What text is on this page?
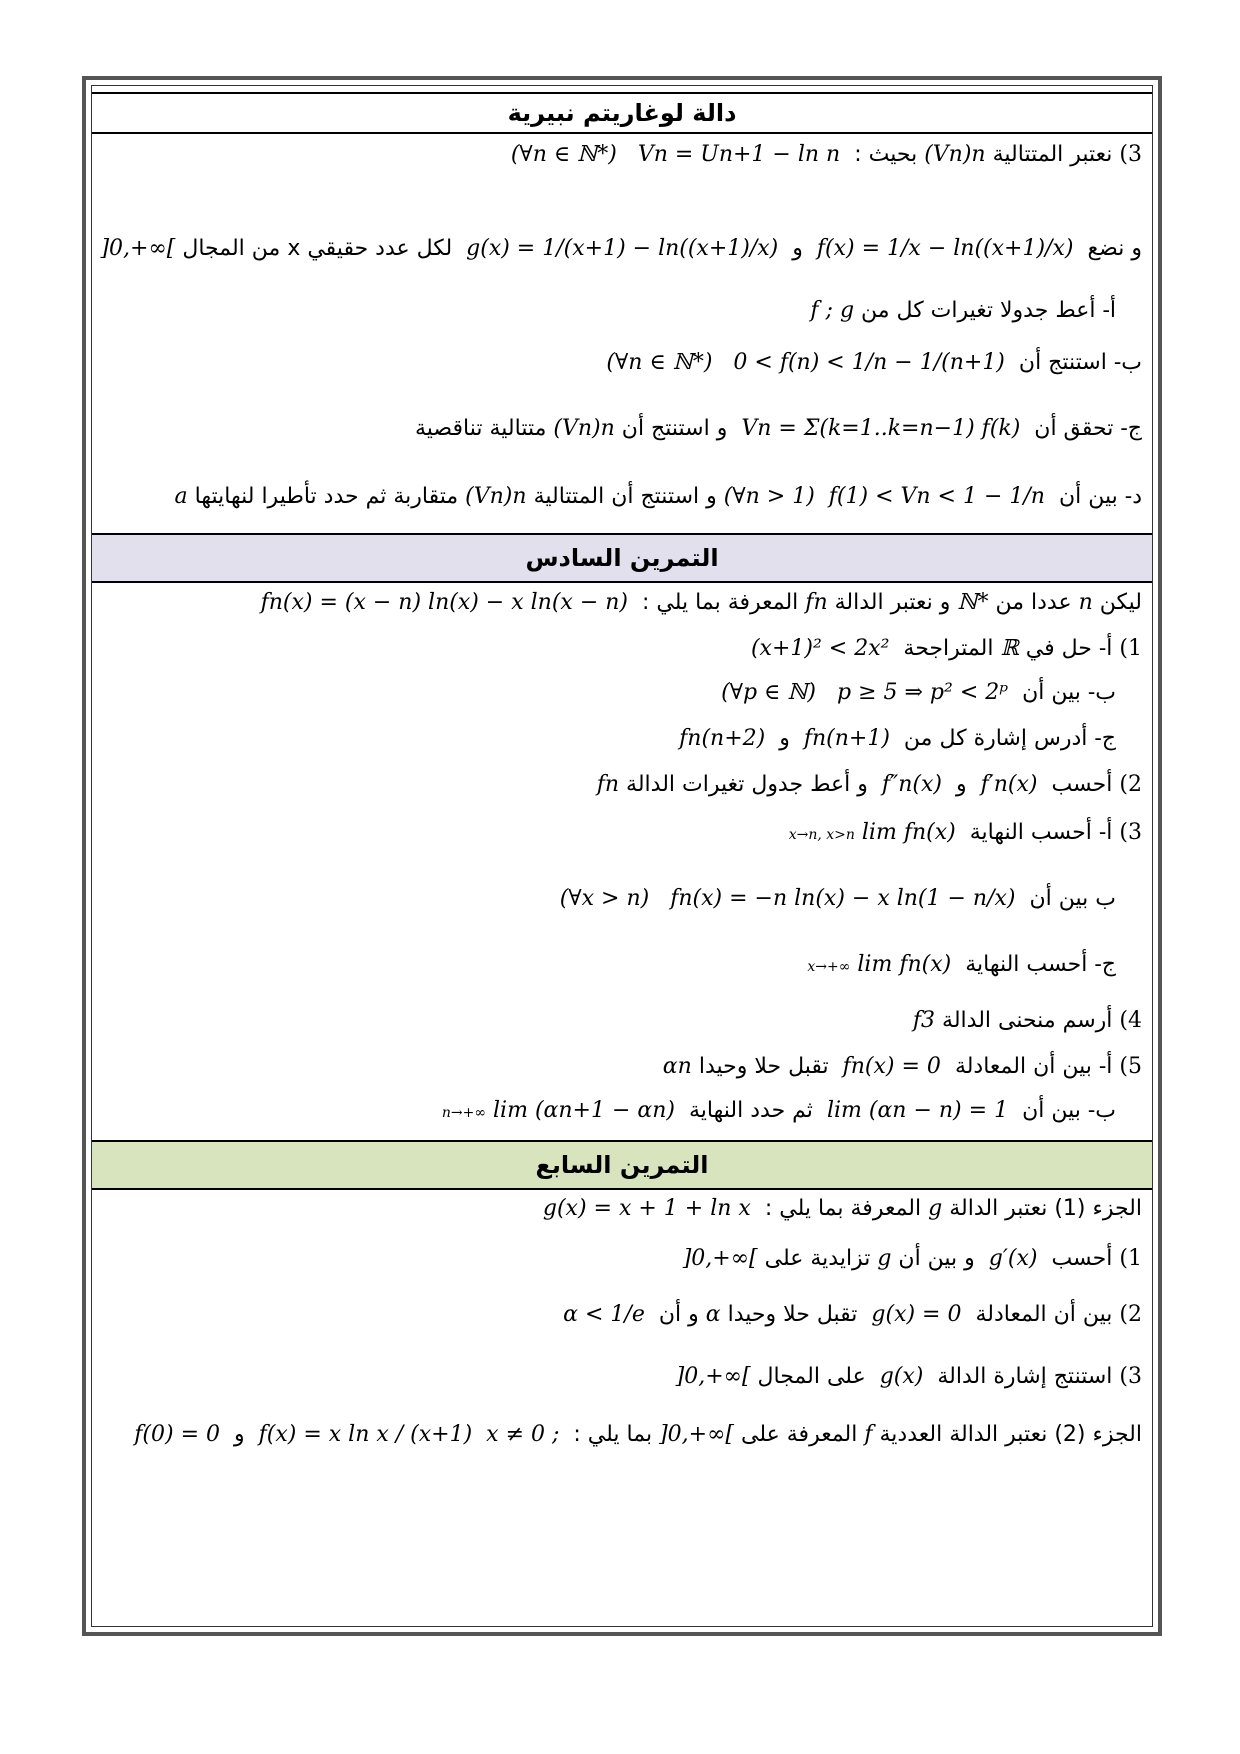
دالة لوغاريتم نبيرية
3) نعتبر المتتالية (Vn)n بحيث :  Vn = Un+1 − ln n   (∀n ∈ ℕ*)
و نضع  f(x) = 1/x − ln((x+1)/x)  و  g(x) = 1/(x+1) − ln((x+1)/x)  لكل عدد حقيقي x من المجال ]0,+∞[
أ- أعط جدولا تغيرات كل من f ; g
ب- استنتج أن  0 < f(n) < 1/n − 1/(n+1)   (∀n ∈ ℕ*)
ج- تحقق أن  Vn = Σ(k=1..k=n−1) f(k)  و استنتج أن (Vn)n متتالية تناقصية
د- بين أن  f(1) < Vn < 1 − 1/n  (∀n > 1) و استنتج أن المتتالية (Vn)n متقاربة ثم حدد تأطيرا لنهايتها a
التمرين السادس
ليكن n عددا من ℕ* و نعتبر الدالة fn المعرفة بما يلي :  fn(x) = (x − n) ln(x) − x ln(x − n)
1) أ- حل في ℝ المتراجحة  (x+1)² < 2x²
ب- بين أن  p ≥ 5 ⇒ p² < 2ᵖ   (∀p ∈ ℕ)
ج- أدرس إشارة كل من  fn(n+1)  و  fn(n+2)
2) أحسب  f′n(x)  و  f″n(x)  و أعط جدول تغيرات الدالة fn
3) أ- أحسب النهاية  lim fn(x) x→n, x>n
ب بين أن  fn(x) = −n ln(x) − x ln(1 − n/x)   (∀x > n)
ج- أحسب النهاية  lim fn(x) x→+∞
4) أرسم منحنى الدالة f3
5) أ- بين أن المعادلة  fn(x) = 0  تقبل حلا وحيدا αn
ب- بين أن  lim (αn − n) = 1  ثم حدد النهاية  lim (αn+1 − αn) n→+∞
التمرين السابع
الجزء (1) نعتبر الدالة g المعرفة بما يلي :  g(x) = x + 1 + ln x
1) أحسب  g′(x)  و بين أن g تزايدية على ]0,+∞[
2) بين أن المعادلة  g(x) = 0  تقبل حلا وحيدا α و أن  α < 1/e
3) استنتج إشارة الدالة  g(x)  على المجال ]0,+∞[
الجزء (2) نعتبر الدالة العددية f المعرفة على ]0,+∞[ بما يلي :  x ≠ 0 ;  f(x) = x ln x / (x+1)  و  f(0) = 0
